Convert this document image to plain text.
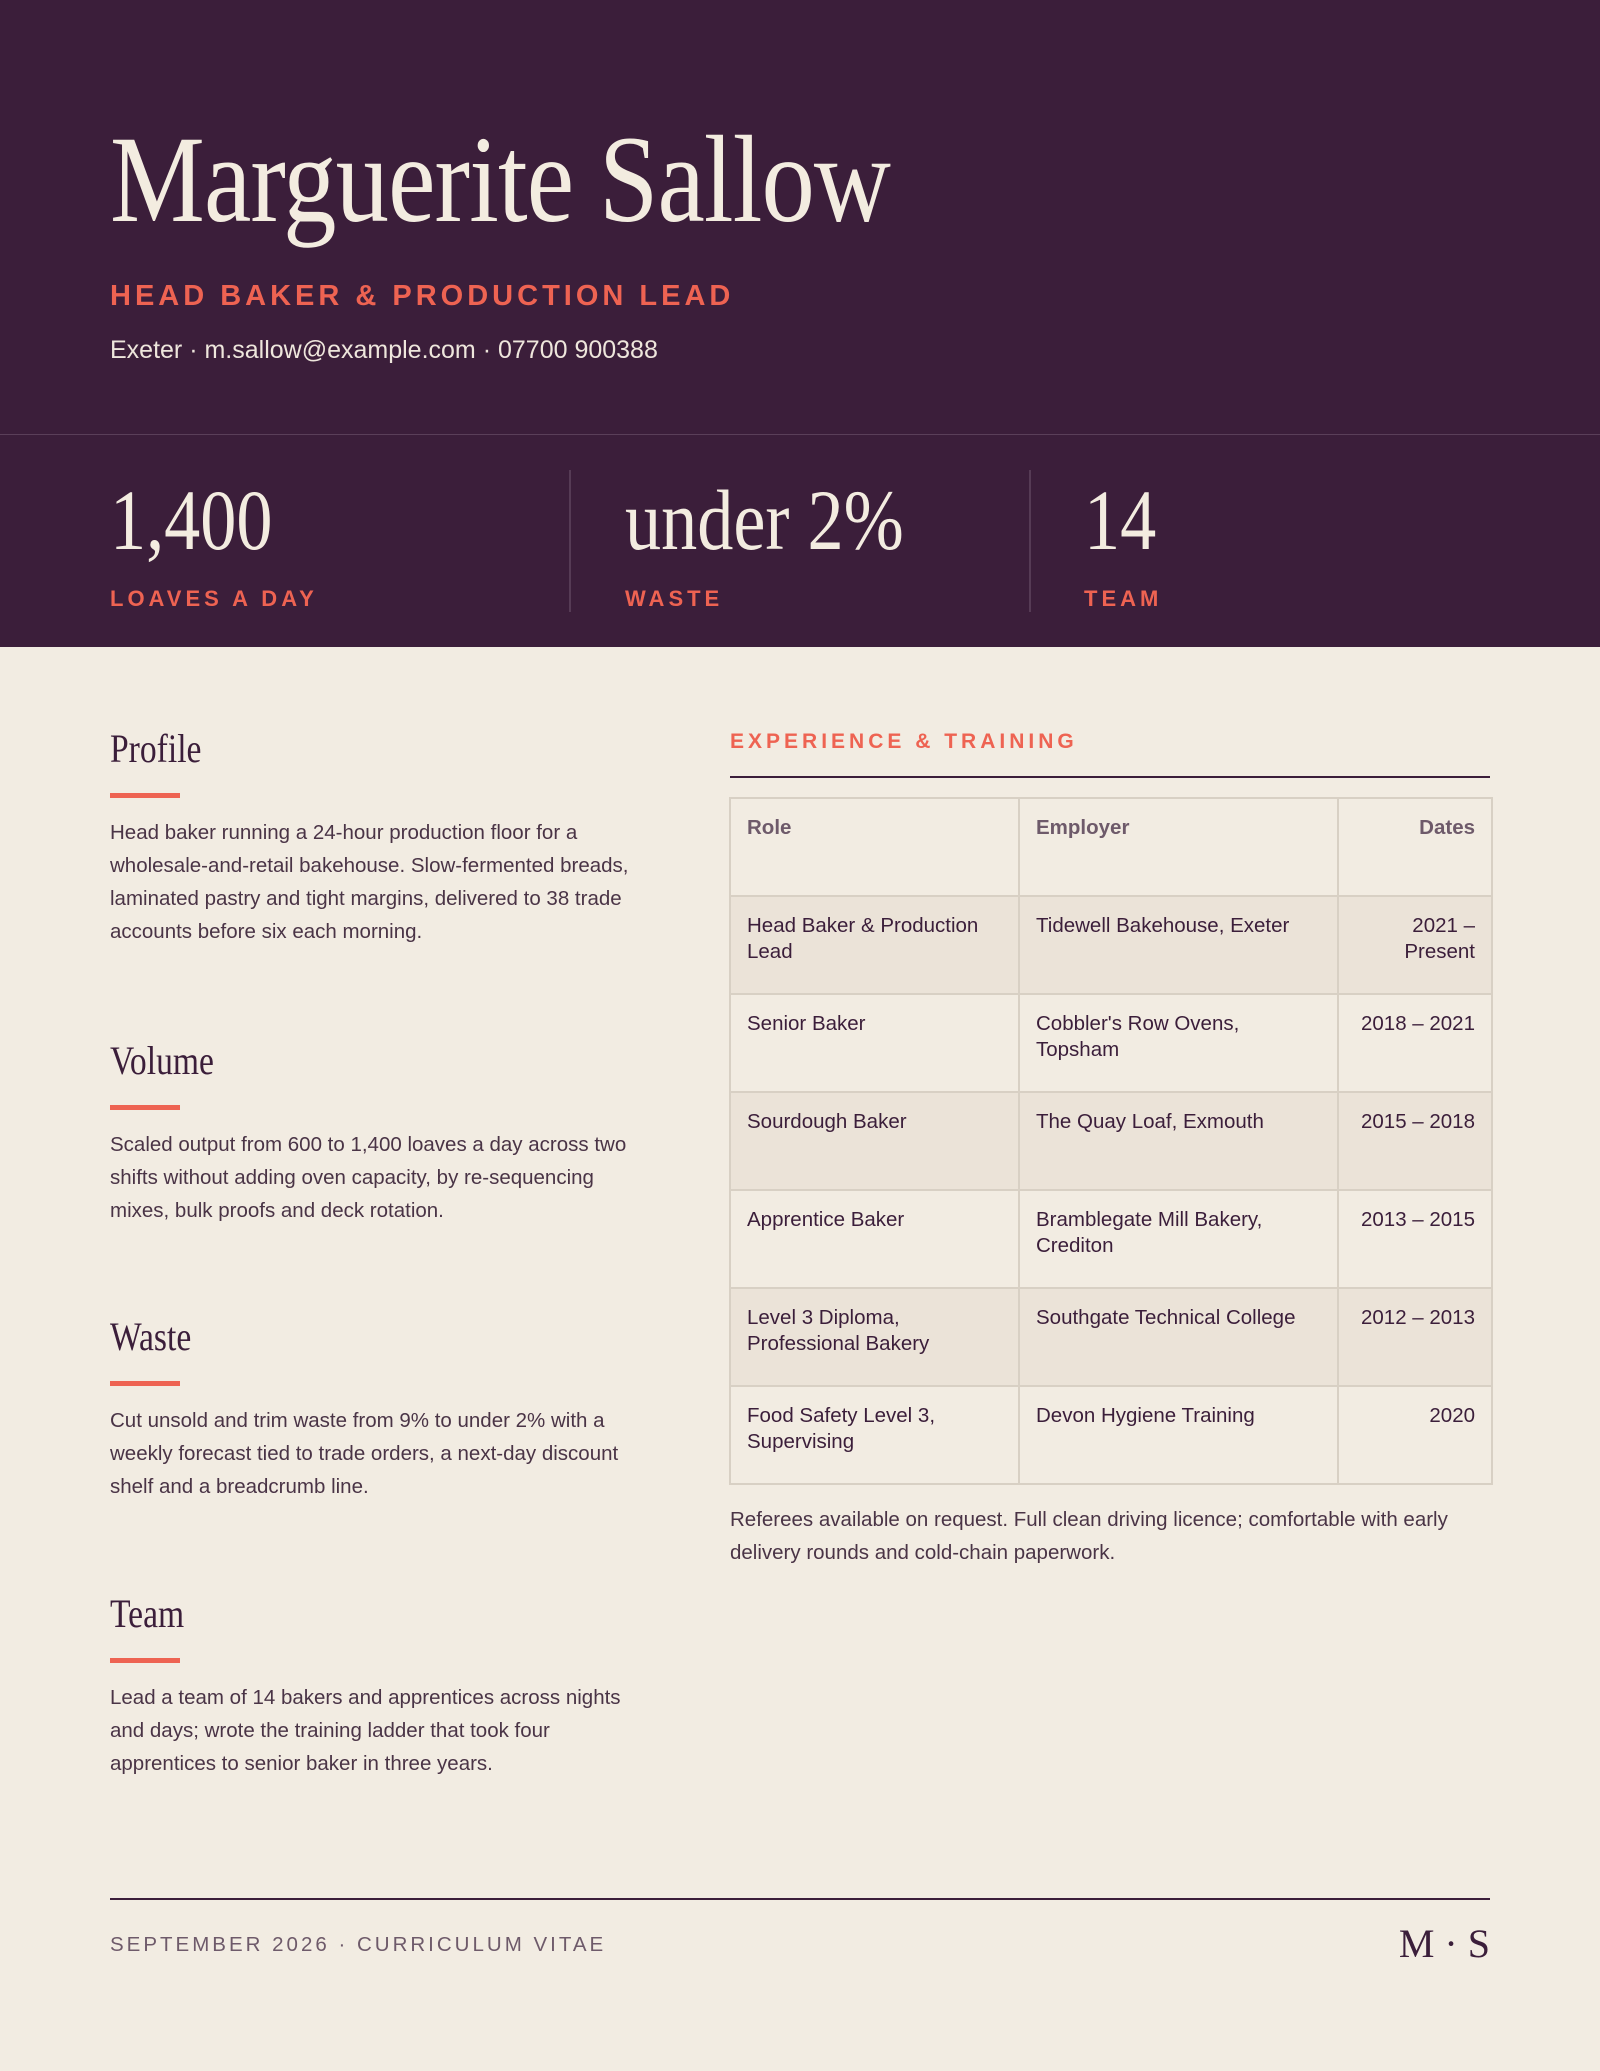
Marguerite Sallow
HEAD BAKER & PRODUCTION LEAD
Exeter · m.sallow@example.com · 07700 900388
1,400
LOAVES A DAY
under 2%
WASTE
14
TEAM
Profile

Head baker running a 24-hour production floor for a wholesale-and-retail bakehouse. Slow-fermented breads, laminated pastry and tight margins, delivered to 38 trade accounts before six each morning.

Volume

Scaled output from 600 to 1,400 loaves a day across two shifts without adding oven capacity, by re-sequencing mixes, bulk proofs and deck rotation.

Waste

Cut unsold and trim waste from 9% to under 2% with a weekly forecast tied to trade orders, a next-day discount shelf and a breadcrumb line.

Team

Lead a team of 14 bakers and apprentices across nights and days; wrote the training ladder that took four apprentices to senior baker in three years.

EXPERIENCE & TRAINING
Role	Employer	Dates
Head Baker & Production Lead	Tidewell Bakehouse, Exeter	2021 – Present
Senior Baker	Cobbler's Row Ovens, Topsham	2018 – 2021
Sourdough Baker	The Quay Loaf, Exmouth	2015 – 2018
Apprentice Baker	Bramblegate Mill Bakery, Crediton	2013 – 2015
Level 3 Diploma, Professional Bakery	Southgate Technical College	2012 – 2013
Food Safety Level 3, Supervising	Devon Hygiene Training	2020

Referees available on request. Full clean driving licence; comfortable with early delivery rounds and cold-chain paperwork.

SEPTEMBER 2026 · CURRICULUM VITAE	M · S
